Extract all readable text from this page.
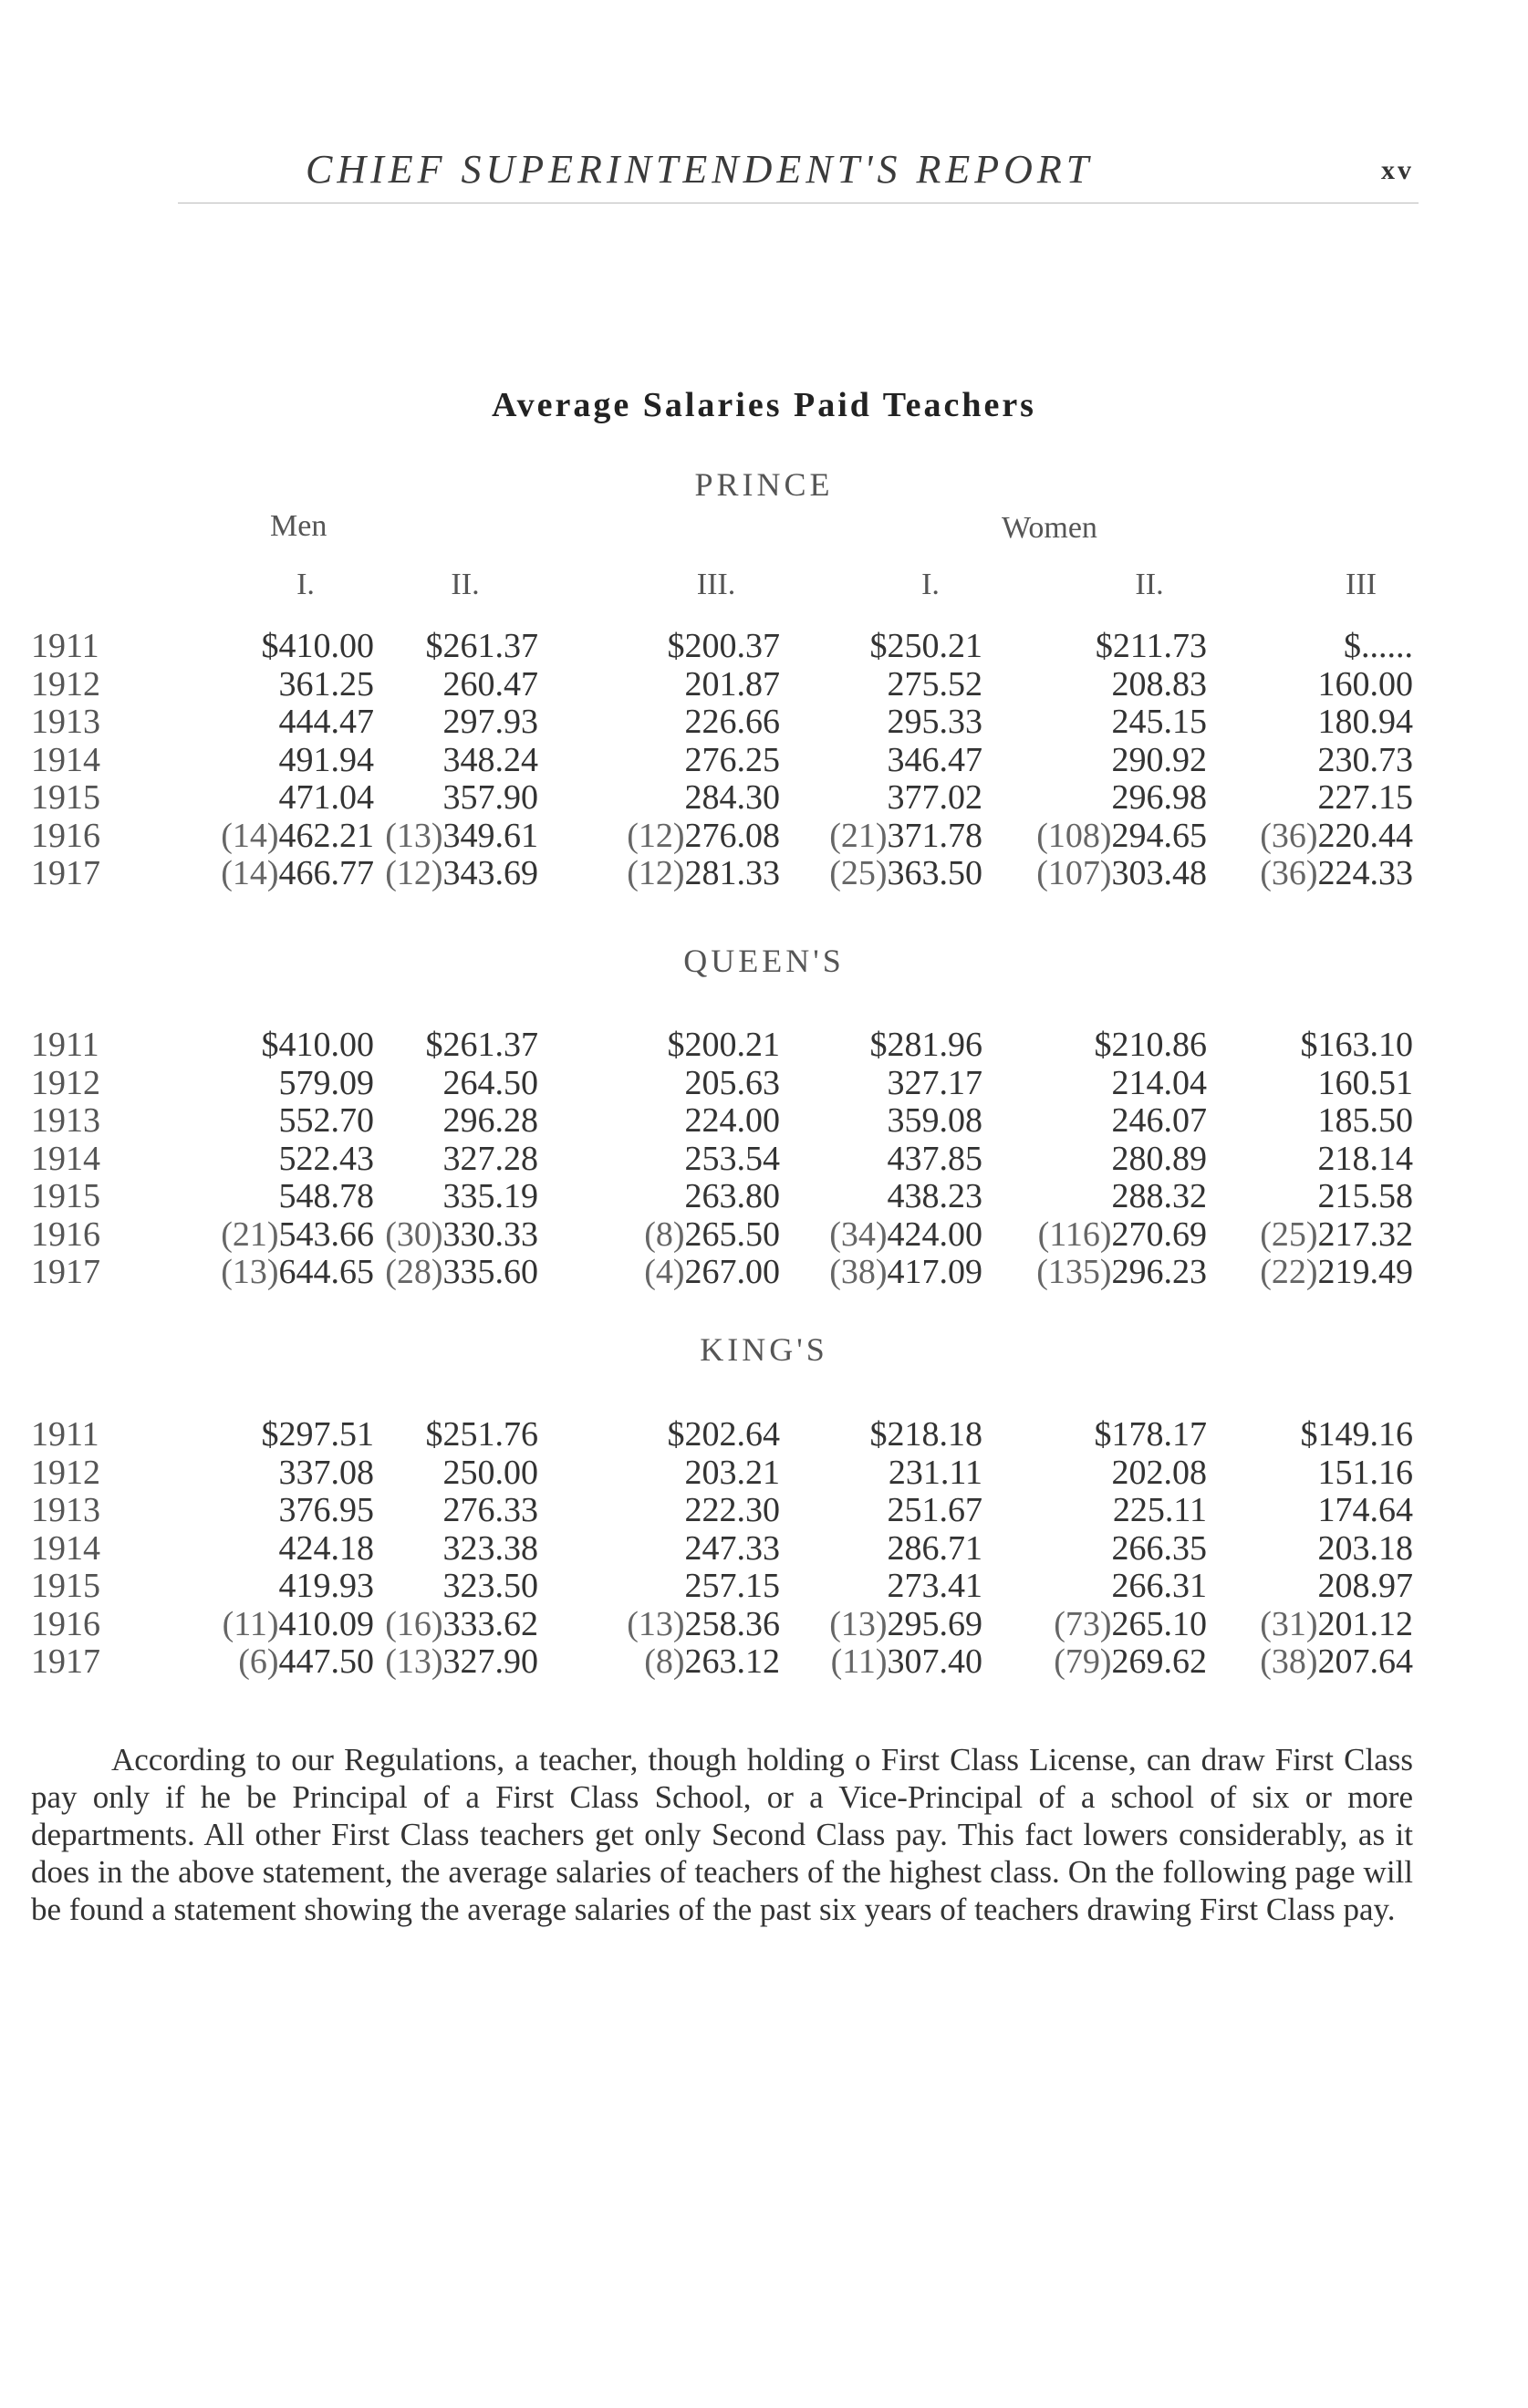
CHIEF SUPERINTENDENT'S REPORT	xv
Average Salaries Paid Teachers
PRINCE
Men	Women
I.	II.	III.	I.	II.	III
1911	$410.00 $261.37	$200.37	$250.21	$211.73	$......
1912	361.25 260.47	201.87	275.52	208.83	160.00
1913	444.47 297.93	226.66	295.33	245.15	180.94
1914	491.94 348.24	276.25	346.47	290.92	230.73
1915	471.04 357.90	284.30	377.02	296.98	227.15
1916	(14)462.21 (13)349.61	(12)276.08 (21)371.78 (108)294.65 (36)220.44
1917	(14)466.77 (12)343.69	(12)281.33 (25)363.50 (107)303.48 (36)224.33
QUEEN'S
1911	$410.00 $261.37	$200.21	$281.96	$210.86	$163.10
1912	579.09 264.50	205.63	327.17	214.04	160.51
1913	552.70 296.28	224.00	359.08	246.07	185.50
1914	522.43 327.28	253.54	437.85	280.89	218.14
1915	548.78 335.19	263.80	438.23	288.32	215.58
1916	(21)543.66 (30)330.33	(8)265.50 (34)424.00 (116)270.69 (25)217.32
1917	(13)644.65 (28)335.60	(4)267.00 (38)417.09 (135)296.23 (22)219.49
KING'S
1911	$297.51 $251.76	$202.64	$218.18	$178.17	$149.16
1912	337.08 250.00	203.21	231.11	202.08	151.16
1913	376.95 276.33	222.30	251.67	225.11	174.64
1914	424.18 323.38	247.33	286.71	266.35	203.18
1915	419.93 323.50	257.15	273.41	266.31	208.97
1916	(11)410.09 (16)333.62	(13)258.36 (13)295.69 (73)265.10 (31)201.12
1917	(6)447.50 (13)327.90	(8)263.12 (11)307.40 (79)269.62 (38)207.64
According to our Regulations, a teacher, though holding o First Class License, can draw First Class pay only if he be Principal of a First Class School, or a Vice-Principal of a school of six or more departments. All other First Class teachers get only Second Class pay. This fact lowers considerably, as it does in the above statement, the average salaries of teachers of the highest class. On the following page will be found a statement showing the average salaries of the past six years of teachers drawing First Class pay.
